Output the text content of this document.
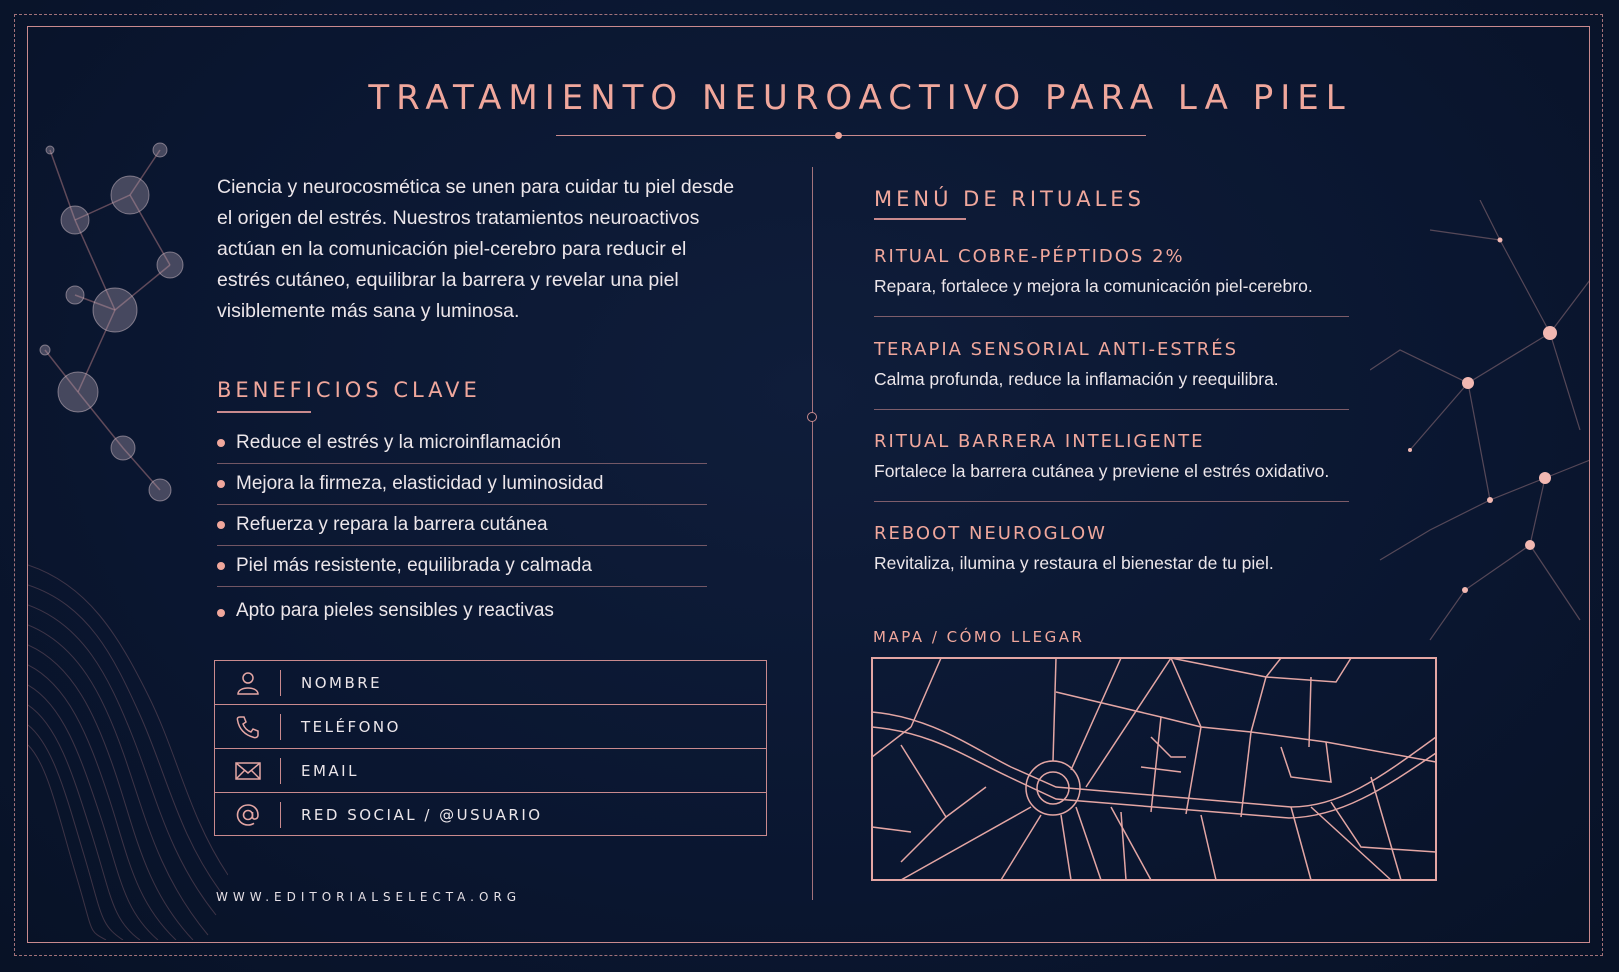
TRATAMIENTO NEUROACTIVO PARA LA PIEL
Ciencia y neurocosmética se unen para cuidar tu piel desde el origen del estrés. Nuestros tratamientos neuroactivos actúan en la comunicación piel-cerebro para reducir el estrés cutáneo, equilibrar la barrera y revelar una piel visiblemente más sana y luminosa.
BENEFICIOS CLAVE
Reduce el estrés y la microinflamación
Mejora la firmeza, elasticidad y luminosidad
Refuerza y repara la barrera cutánea
Piel más resistente, equilibrada y calmada
Apto para pieles sensibles y reactivas
NOMBRE
TELÉFONO
EMAIL
RED SOCIAL / @USUARIO
WWW.EDITORIALSELECTA.ORG
MENÚ DE RITUALES
RITUAL COBRE-PÉPTIDOS 2%
Repara, fortalece y mejora la comunicación piel-cerebro.
TERAPIA SENSORIAL ANTI-ESTRÉS
Calma profunda, reduce la inflamación y reequilibra.
RITUAL BARRERA INTELIGENTE
Fortalece la barrera cutánea y previene el estrés oxidativo.
REBOOT NEUROGLOW
Revitaliza, ilumina y restaura el bienestar de tu piel.
MAPA / CÓMO LLEGAR
